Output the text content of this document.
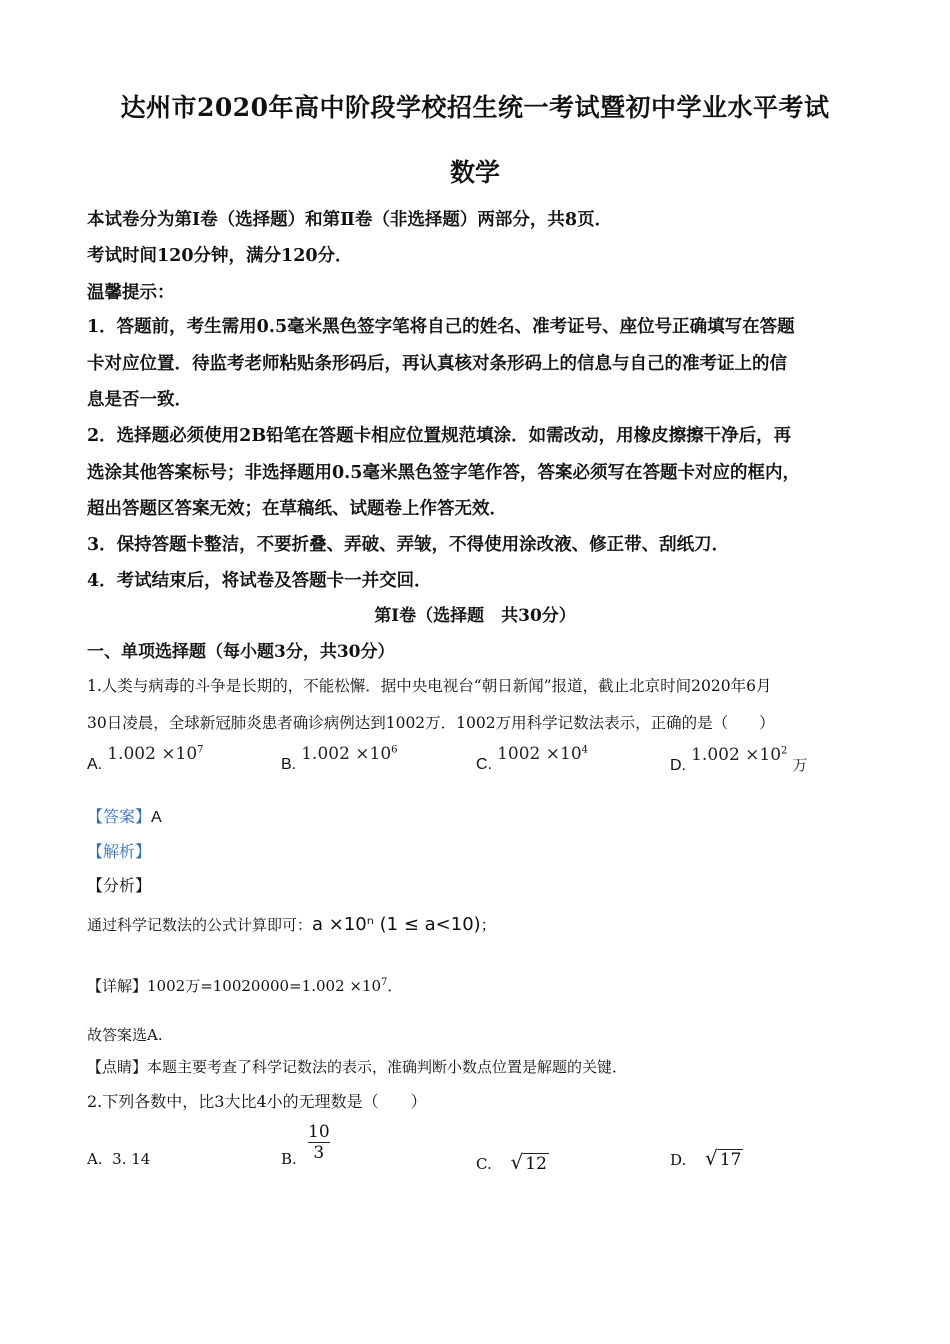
达州市2020年高中阶段学校招生统一考试暨初中学业水平考试
数学
本试卷分为第Ⅰ卷（选择题）和第Ⅱ卷（非选择题）两部分，共8页．
考试时间120分钟，满分120分．
温馨提示：
1．答题前，考生需用0.5毫米黑色签字笔将自己的姓名、准考证号、座位号正确填写在答题
卡对应位置．待监考老师粘贴条形码后，再认真核对条形码上的信息与自己的准考证上的信
息是否一致．
2．选择题必须使用2B铅笔在答题卡相应位置规范填涂．如需改动，用橡皮擦擦干净后，再
选涂其他答案标号；非选择题用0.5毫米黑色签字笔作答，答案必须写在答题卡对应的框内，
超出答题区答案无效；在草稿纸、试题卷上作答无效．
3．保持答题卡整洁，不要折叠、弄破、弄皱，不得使用涂改液、修正带、刮纸刀．
4．考试结束后，将试卷及答题卡一并交回．
第Ⅰ卷（选择题　共30分）
一、单项选择题（每小题3分，共30分）
1.人类与病毒的斗争是长期的，不能松懈．据中央电视台“朝日新闻”报道，截止北京时间2020年6月
30日凌晨，全球新冠肺炎患者确诊病例达到1002万．1002万用科学记数法表示，正确的是（　　）
A. $1.002 \times 10^7$
B. $1.002 \times 10^6$
C. $1002 \times 10^4$
D. $1.002 \times 10^2$ 万
【答案】A
【解析】
【分析】
通过科学记数法的公式计算即可：a ×10ⁿ (1 ≤ a<10)；
【详解】1002万$=10020000=1.002 \times 10^7$．
故答案选A.
【点睛】本题主要考查了科学记数法的表示，准确判断小数点位置是解题的关键．
2.下列各数中，比3大比4小的无理数是（　　）
A. 3. 14	B.
10
3
C. √ 12	D. √ 17
